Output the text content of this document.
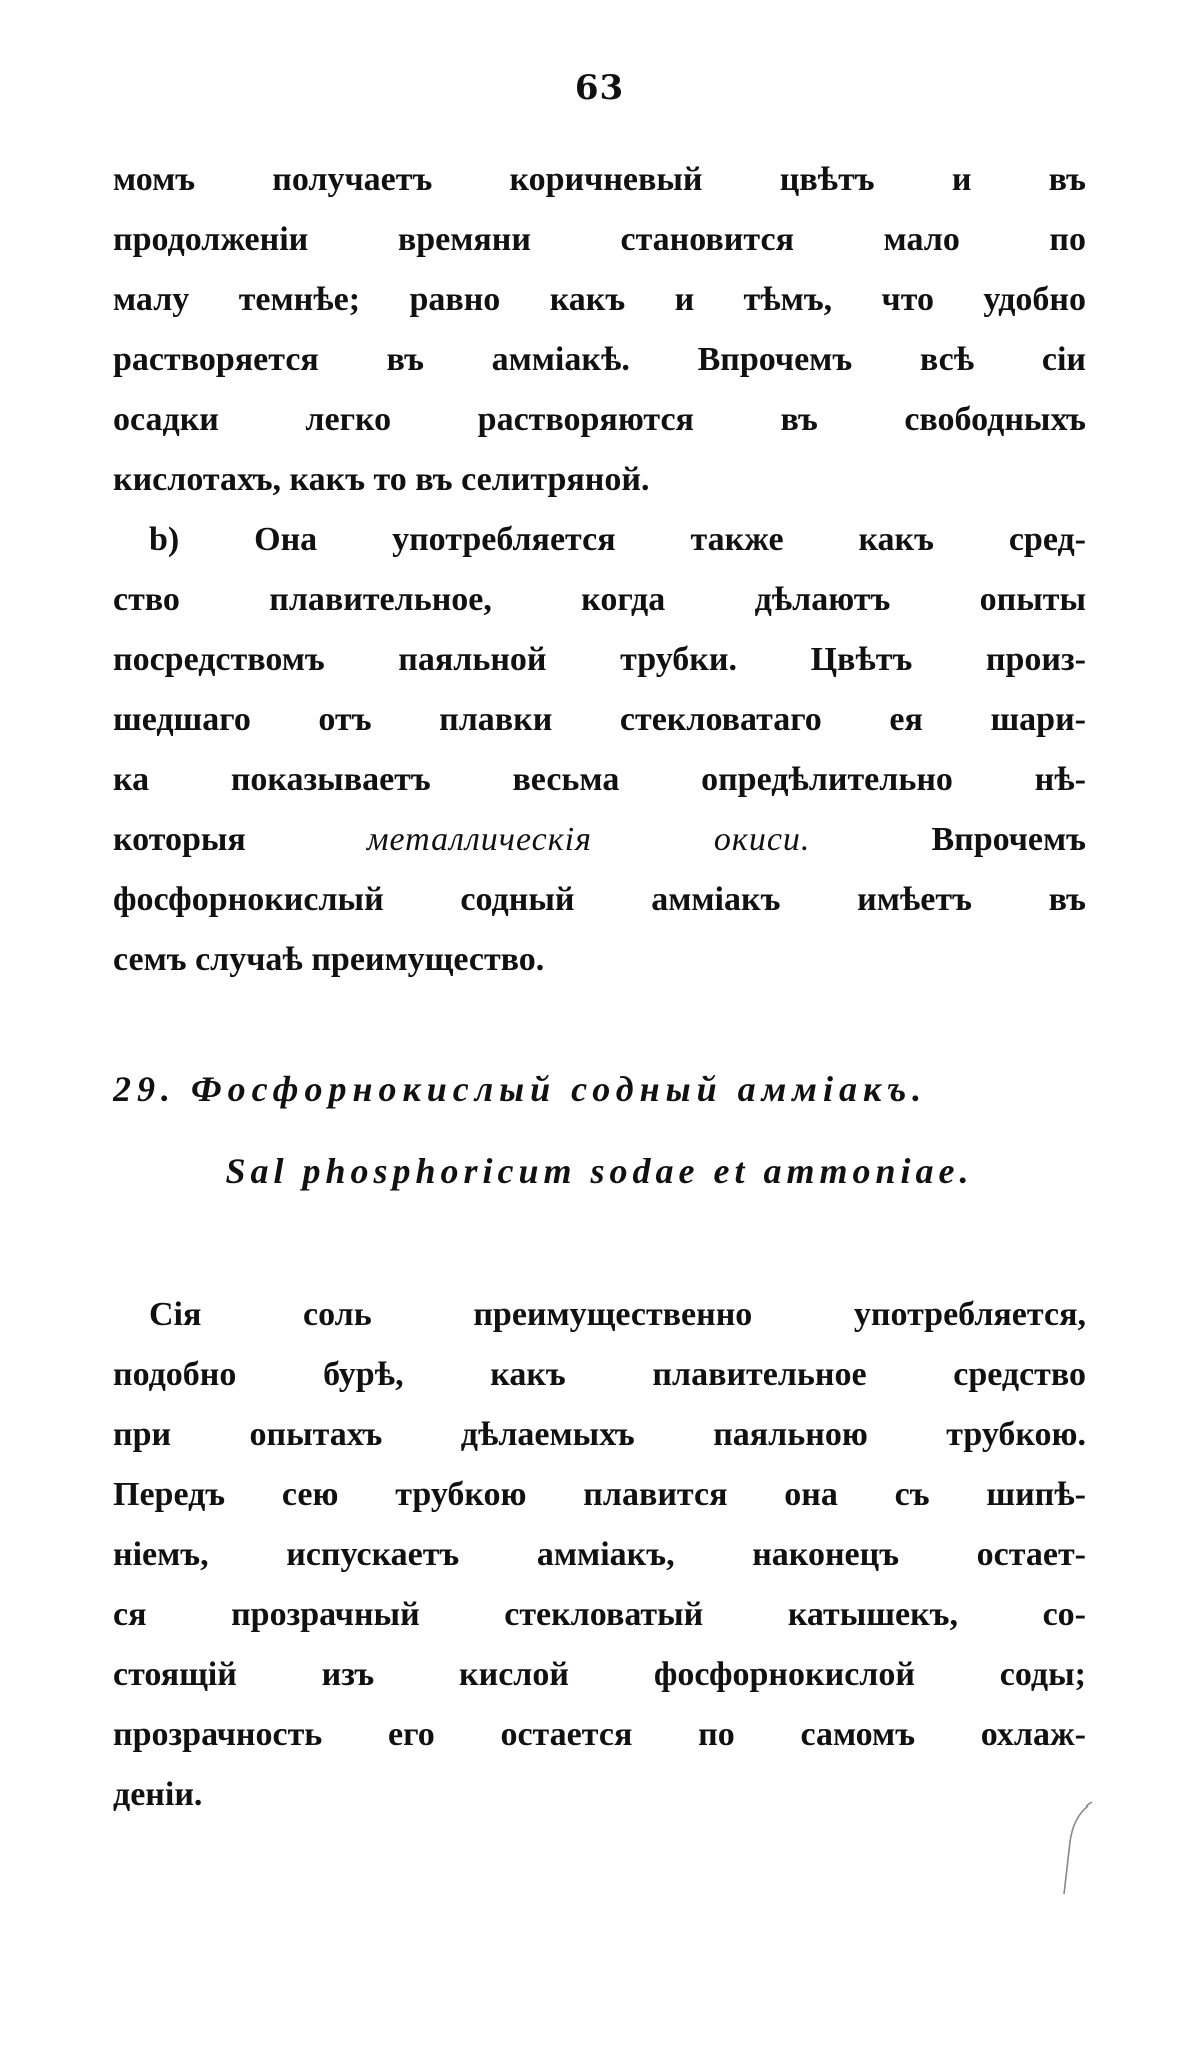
63
момъ получаетъ коричневый цвѣтъ и въ
продолженіи времяни становится мало по
малу темнѣе; равно какъ и тѣмъ, что удобно
растворяется въ амміакѣ. Впрочемъ всѣ сіи
осадки легко растворяются въ свободныхъ
кислотахъ, какъ то въ селитряной.
b) Она употребляется также какъ сред-
ство плавительное, когда дѣлаютъ опыты
посредствомъ паяльной трубки. Цвѣтъ произ-
шедшаго отъ плавки стекловатаго ея шари-
ка показываетъ весьма опредѣлительно нѣ-
которыя металлическія окиси. Впрочемъ
фосфорнокислый содный амміакъ имѣетъ въ
семъ случаѣ преимущество.
29. Фосфорнокислый содный амміакъ.
Sal phosphoricum sodae et ammoniae.
Сія соль преимущественно употребляется,
подобно бурѣ, какъ плавительное средство
при опытахъ дѣлаемыхъ паяльною трубкою.
Передъ сею трубкою плавится она съ шипѣ-
ніемъ, испускаетъ амміакъ, наконецъ остает-
ся прозрачный стекловатый катышекъ, со-
стоящій изъ кислой фосфорнокислой соды;
прозрачность его остается по самомъ охлаж-
деніи.
